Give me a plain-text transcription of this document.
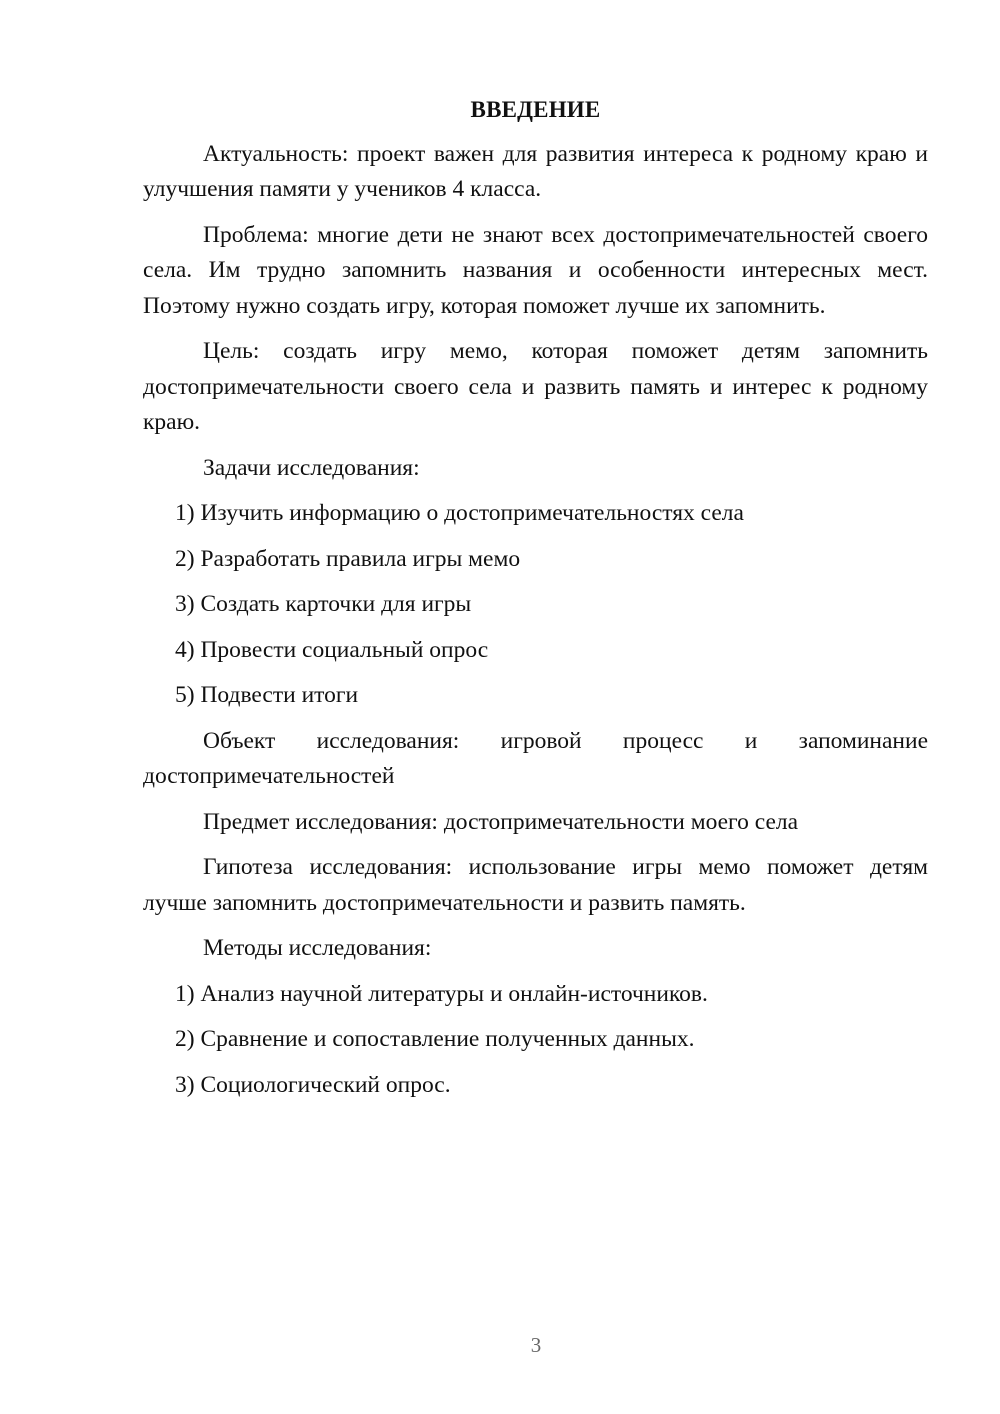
ВВЕДЕНИЕ

Актуальность: проект важен для развития интереса к родному краю и улучшения памяти у учеников 4 класса.

Проблема: многие дети не знают всех достопримечательностей своего села. Им трудно запомнить названия и особенности интересных мест. Поэтому нужно создать игру, которая поможет лучше их запомнить.

Цель: создать игру мемо, которая поможет детям запомнить достопримечательности своего села и развить память и интерес к родному краю.

Задачи исследования:

1) Изучить информацию о достопримечательностях села
2) Разработать правила игры мемо
3) Создать карточки для игры
4) Провести социальный опрос
5) Подвести итоги

Объект исследования: игровой процесс и запоминание достопримечательностей

Предмет исследования: достопримечательности моего села

Гипотеза исследования: использование игры мемо поможет детям лучше запомнить достопримечательности и развить память.

Методы исследования:

1) Анализ научной литературы и онлайн-источников.
2) Сравнение и сопоставление полученных данных.
3) Социологический опрос.
3
